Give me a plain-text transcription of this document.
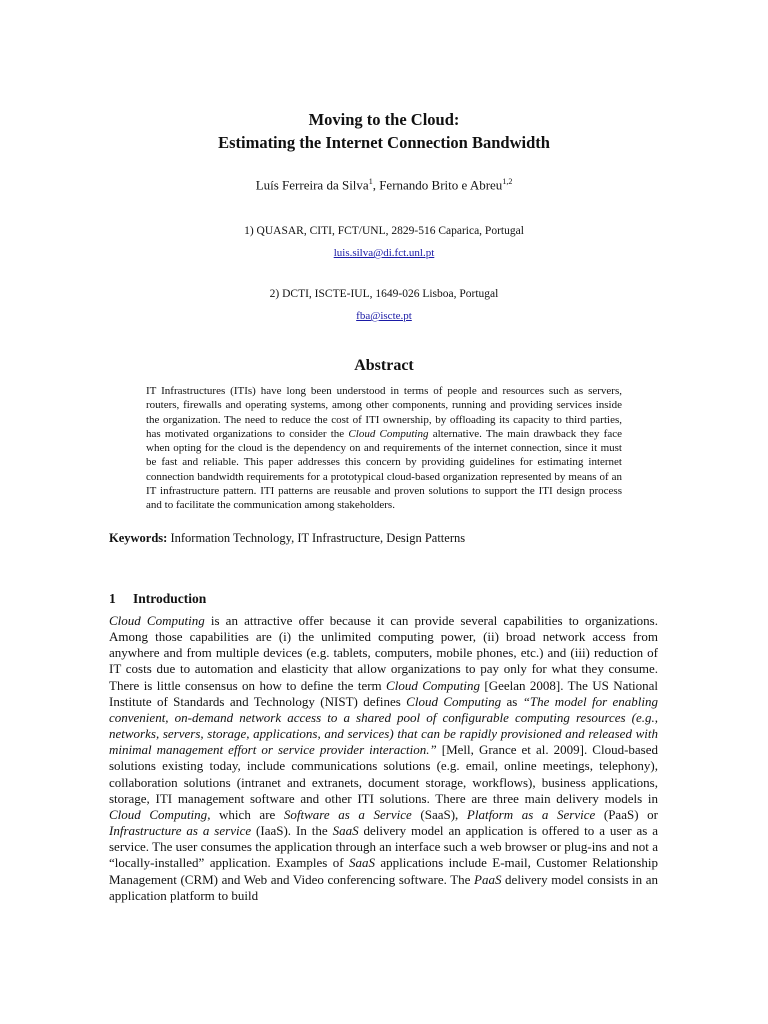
Moving to the Cloud:

Estimating the Internet Connection Bandwidth

Luís Ferreira da Silva$^1$, Fernando Brito e Abreu$^{1,2}$
1) QUASAR, CITI, FCT/UNL, 2829-516 Caparica, Portugal
luis.silva@di.fct.unl.pt
2) DCTI, ISCTE-IUL, 1649-026 Lisboa, Portugal
fba@iscte.pt
Abstract

IT Infrastructures (ITIs) have long been understood in terms of people and resources such as servers, routers, firewalls and operating systems, among other components, running and providing services inside the organization. The need to reduce the cost of ITI ownership, by offloading its capacity to third parties, has motivated organizations to consider the Cloud Computing alternative. The main drawback they face when opting for the cloud is the dependency on and requirements of the internet connection, since it must be fast and reliable. This paper addresses this concern by providing guidelines for estimating internet connection bandwidth requirements for a prototypical cloud-based organization represented by means of an IT infrastructure pattern. ITI patterns are reusable and proven solutions to support the ITI design process and to facilitate the communication among stakeholders.

Keywords: Information Technology, IT Infrastructure, Design Patterns

1 Introduction

Cloud Computing is an attractive offer because it can provide several capabilities to organizations. Among those capabilities are (i) the unlimited computing power, (ii) broad network access from anywhere and from multiple devices (e.g. tablets, computers, mobile phones, etc.) and (iii) reduction of IT costs due to automation and elasticity that allow organizations to pay only for what they consume. There is little consensus on how to define the term Cloud Computing [Geelan 2008]. The US National Institute of Standards and Technology (NIST) defines Cloud Computing as “The model for enabling convenient, on-demand network access to a shared pool of configurable computing resources (e.g., networks, servers, storage, applications, and services) that can be rapidly provisioned and released with minimal management effort or service provider interaction.” [Mell, Grance et al. 2009]. Cloud-based solutions existing today, include communications solutions (e.g. email, online meetings, telephony), collaboration solutions (intranet and extranets, document storage, workflows), business applications, storage, ITI management software and other ITI solutions. There are three main delivery models in Cloud Computing, which are Software as a Service (SaaS), Platform as a Service (PaaS) or Infrastructure as a service (IaaS). In the SaaS delivery model an application is offered to a user as a service. The user consumes the application through an interface such a web browser or plug-ins and not a “locally-installed” application. Examples of SaaS applications include E-mail, Customer Relationship Management (CRM) and Web and Video conferencing software. The PaaS delivery model consists in an application platform to build
